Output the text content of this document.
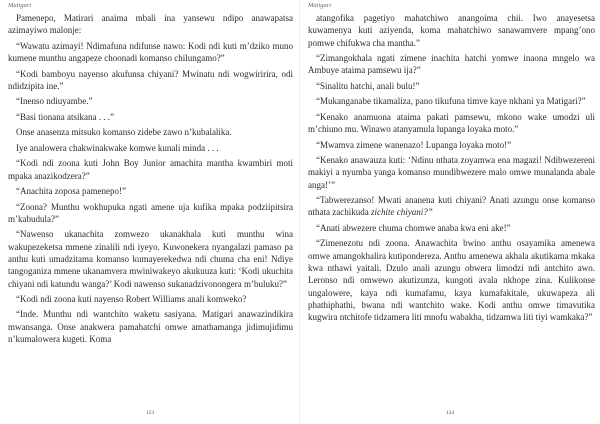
Matigari

Pamenepo, Matirari anaima mbali ina yansewu ndipo anawapatsa azimayiwo malonje:

“Wawatu azimayi! Ndimafuna ndifunse nawo: Kodi ndi kuti m’dziko muno kumene munthu angapeze choonadi komanso chilungamo?”

“Kodi bamboyu nayenso akufunsa chiyani? Mwinatu ndi wogwiririra, odi ndidzipita ine.”

“Inenso ndiuyambe.”

“Basi tionana atsikana . . .”

Onse anasenza mitsuko komanso zidebe zawo n’kubalalika.

Iye analowera chakwinakwake komwe kunali minda . . .

“Kodi ndi zoona kuti John Boy Junior amachita mantha kwambiri moti mpaka anazikodzera?”

“Anachita zoposa pamenepo!”

“Zoona? Munthu wokhupuka ngati amene uja kufika mpaka podziipitsira m’kabudula?”

“Nawenso ukanachita zomwezo ukanakhala kuti munthu wina wakupezeketsa mmene zinalili ndi iyeyo. Kuwonekera nyangalazi pamaso pa anthu kuti umadzitama komanso kumayerekedwa ndi chuma cha eni! Ndiye tangoganiza mmene ukanamvera mwiniwakeyo akukuuza kuti: ‘Kodi ukuchita chiyani ndi katundu wanga?’ Kodi nawenso sukanadzivonongera m’buluku?”

“Kodi ndi zoona kuti nayenso Robert Williams anali komweko?

“Inde. Munthu ndi wantchito waketu sasiyana. Matigari anawazindikira mwansanga. Onse anakwera pamahatchi omwe amathamanga jidimujidimu n’kumalowera kugeti. Koma

123
Matigari

atangofika pagetiyo mahatchiwo anangoima chii. Iwo anayesetsa kuwamenya kuti aziyenda, koma mahatchiwo sanawamvere mpang’ono pomwe chifukwa cha mantha.”

“Zimangokhala ngati zimene inachita hatchi yomwe inaona mngelo wa Ambuye ataima pamsewu ija?”

“Sinalitu hatchi, anali bulu!”

“Mukanganabe tikamaliza, pano tikufuna timve kaye nkhani ya Matigari?”

“Kenako anamuona ataima pakati pamsewu, mkono wake umodzi uli m’chiuno mu. Winawo atanyamula lupanga loyaka moto.”

“Mwamva zimene wanenazo! Lupanga loyaka moto!”

“Kenako anawauza kuti: ‘Ndinu nthata zoyamwa ena magazi! Ndibwezereni makiyi a nyumba yanga komanso mundibwezere malo omwe munalanda abale anga!’”

“Tabwerezanso! Mwati ananena kuti chiyani? Anati azungu onse komanso nthata zachikuda zichite chiyani?”

“Anati abwezere chuma chomwe anaba kwa eni ake!”

“Zimenezotu ndi zoona. Anawachita bwino anthu osayamika amenewa omwe amangokhalira kutipondereza. Anthu amenewa akhala akutikama mkaka kwa nthawi yaitali. Dzulo anali azungu obwera limodzi ndi antchito awo. Leronso ndi omwewo akutizunza, kungoti avala nkhope zina. Kulikonse ungalowere, kaya ndi kumafamu, kaya kumafakitale, ukuwapeza ali phathiphathi, bwana ndi wantchito wake. Kodi anthu omwe timavutika kugwira ntchitofe tidzamera liti mnofu wabakha, tidzamwa liti tiyi wamkaka?”

124
